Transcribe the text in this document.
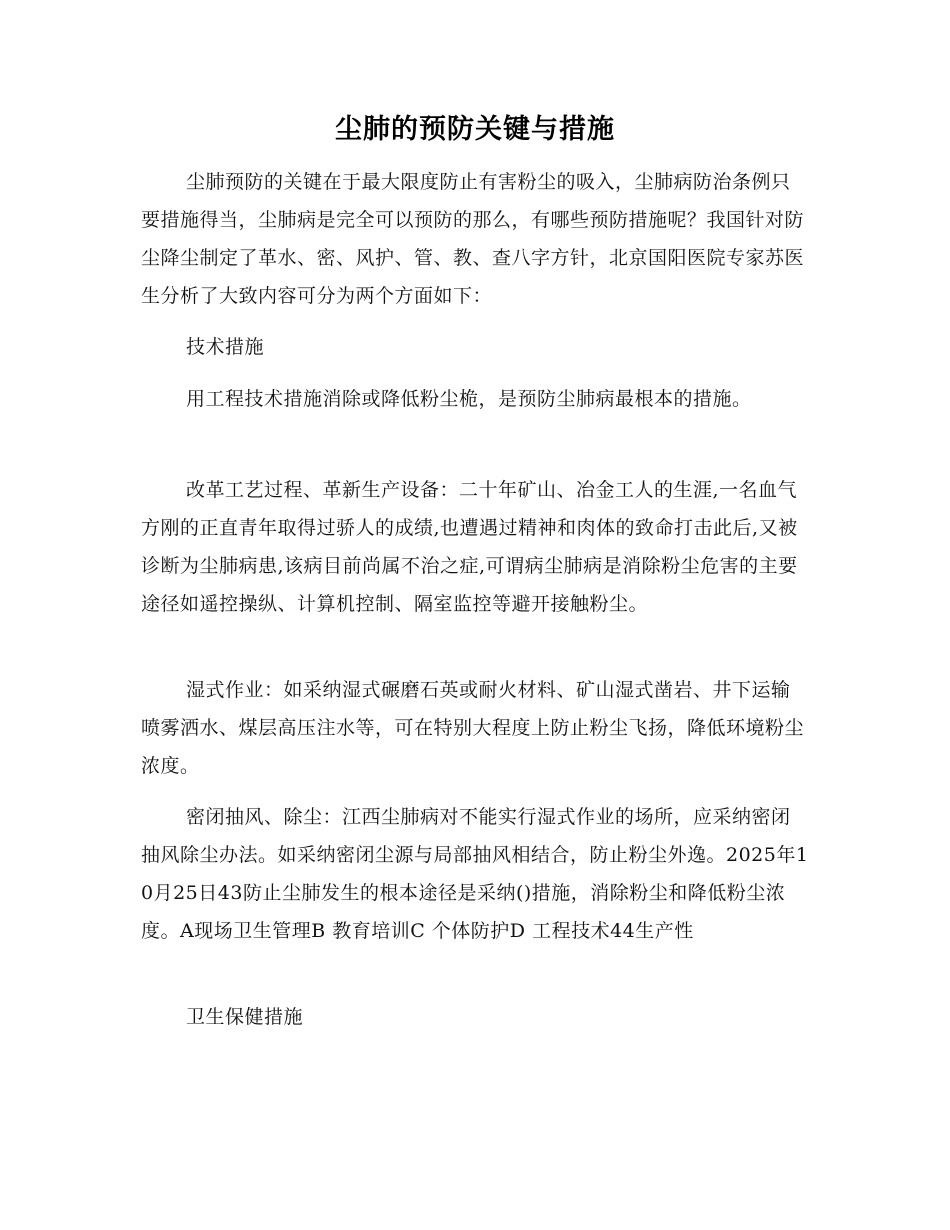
尘肺的预防关键与措施

尘肺预防的关键在于最大限度防止有害粉尘的吸入，尘肺病防治条例只要措施得当，尘肺病是完全可以预防的那么，有哪些预防措施呢？我国针对防尘降尘制定了革水、密、风护、管、教、查八字方针，北京国阳医院专家苏医生分析了大致内容可分为两个方面如下：

技术措施

用工程技术措施消除或降低粉尘桅，是预防尘肺病最根本的措施。

改革工艺过程、革新生产设备：二十年矿山、冶金工人的生涯,一名血气方刚的正直青年取得过骄人的成绩,也遭遇过精神和肉体的致命打击此后,又被诊断为尘肺病患,该病目前尚属不治之症,可谓病尘肺病是消除粉尘危害的主要途径如遥控操纵、计算机控制、隔室监控等避开接触粉尘。

湿式作业：如采纳湿式碾磨石英或耐火材料、矿山湿式凿岩、井下运输喷雾洒水、煤层高压注水等，可在特别大程度上防止粉尘飞扬，降低环境粉尘浓度。

密闭抽风、除尘：江西尘肺病对不能实行湿式作业的场所，应采纳密闭抽风除尘办法。如采纳密闭尘源与局部抽风相结合，防止粉尘外逸。2025年10月25日43防止尘肺发生的根本途径是采纳()措施，消除粉尘和降低粉尘浓度。A现场卫生管理B 教育培训C 个体防护D 工程技术44生产性

卫生保健措施
